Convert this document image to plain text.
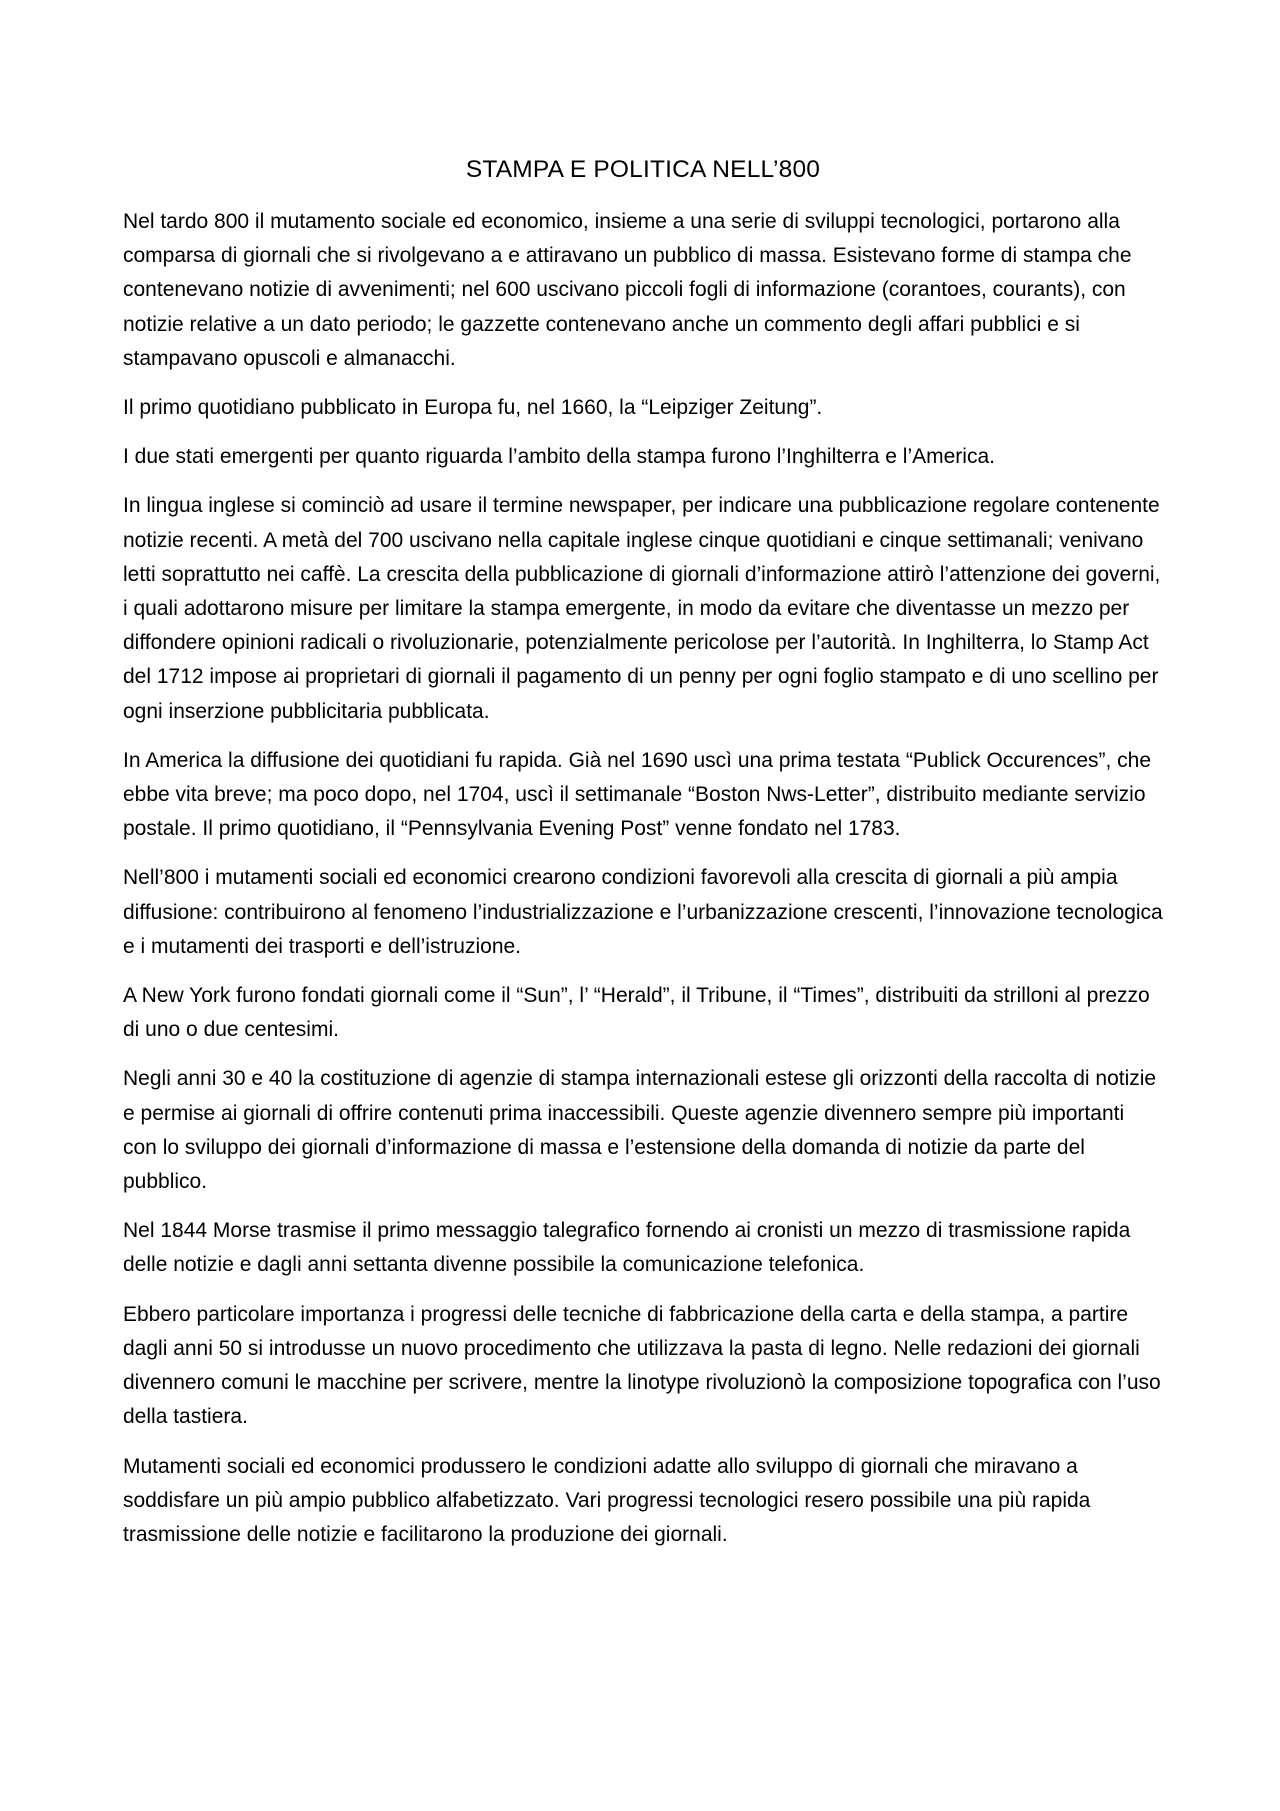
STAMPA E POLITICA NELL’800

Nel tardo 800 il mutamento sociale ed economico, insieme a una serie di sviluppi tecnologici, portarono alla comparsa di giornali che si rivolgevano a e attiravano un pubblico di massa. Esistevano forme di stampa che contenevano notizie di avvenimenti; nel 600 uscivano piccoli fogli di informazione (corantoes, courants), con notizie relative a un dato periodo; le gazzette contenevano anche un commento degli affari pubblici e si stampavano opuscoli e almanacchi.

Il primo quotidiano pubblicato in Europa fu, nel 1660, la “Leipziger Zeitung”.

I due stati emergenti per quanto riguarda l’ambito della stampa furono l’Inghilterra e l’America.

In lingua inglese si cominciò ad usare il termine newspaper, per indicare una pubblicazione regolare contenente notizie recenti. A metà del 700 uscivano nella capitale inglese cinque quotidiani e cinque settimanali; venivano letti soprattutto nei caffè. La crescita della pubblicazione di giornali d’informazione attirò l’attenzione dei governi, i quali adottarono misure per limitare la stampa emergente, in modo da evitare che diventasse un mezzo per diffondere opinioni radicali o rivoluzionarie, potenzialmente pericolose per l’autorità. In Inghilterra, lo Stamp Act del 1712 impose ai proprietari di giornali il pagamento di un penny per ogni foglio stampato e di uno scellino per ogni inserzione pubblicitaria pubblicata.

In America la diffusione dei quotidiani fu rapida. Già nel 1690 uscì una prima testata “Publick Occurences”, che ebbe vita breve; ma poco dopo, nel 1704, uscì il settimanale “Boston Nws-Letter”, distribuito mediante servizio postale. Il primo quotidiano, il “Pennsylvania Evening Post” venne fondato nel 1783.

Nell’800 i mutamenti sociali ed economici crearono condizioni favorevoli alla crescita di giornali a più ampia diffusione: contribuirono al fenomeno l’industrializzazione e l’urbanizzazione crescenti, l’innovazione tecnologica e i mutamenti dei trasporti e dell’istruzione.

A New York furono fondati giornali come il “Sun”, l’ “Herald”, il Tribune, il “Times”, distribuiti da strilloni al prezzo di uno o due centesimi.

Negli anni 30 e 40 la costituzione di agenzie di stampa internazionali estese gli orizzonti della raccolta di notizie e permise ai giornali di offrire contenuti prima inaccessibili. Queste agenzie divennero sempre più importanti con lo sviluppo dei giornali d’informazione di massa e l’estensione della domanda di notizie da parte del pubblico.

Nel 1844 Morse trasmise il primo messaggio talegrafico fornendo ai cronisti un mezzo di trasmissione rapida delle notizie e dagli anni settanta divenne possibile la comunicazione telefonica.

Ebbero particolare importanza i progressi delle tecniche di fabbricazione della carta e della stampa, a partire dagli anni 50 si introdusse un nuovo procedimento che utilizzava la pasta di legno. Nelle redazioni dei giornali divennero comuni le macchine per scrivere, mentre la linotype rivoluzionò la composizione topografica con l’uso della tastiera.

Mutamenti sociali ed economici produssero le condizioni adatte allo sviluppo di giornali che miravano a soddisfare un più ampio pubblico alfabetizzato. Vari progressi tecnologici resero possibile una più rapida trasmissione delle notizie e facilitarono la produzione dei giornali.
